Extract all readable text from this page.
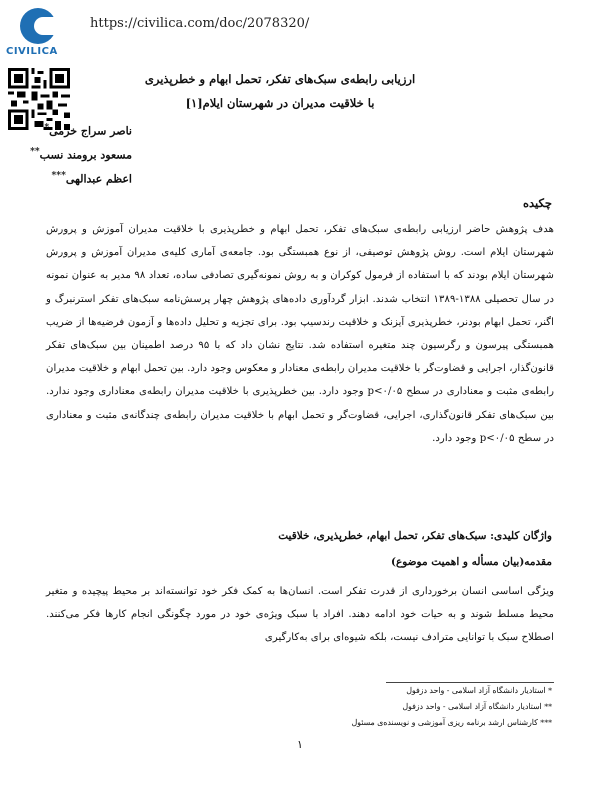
CIVILICA
https://civilica.com/doc/2078320/
ارزیابی رابطه‌ی سبک‌های تفکر، تحمل ابهام و خطرپذیری
با خلاقیت مدیران در شهرستان ایلام[۱]
ناصر سراج خرمی*
مسعود برومند نسب**
اعظم عبدالهی***
چکیده
هدف پژوهش حاضر ارزیابی رابطه‌ی سبک‌های تفکر، تحمل ابهام و خطرپذیری با خلاقیت مدیران آموزش و پرورش شهرستان ایلام است. روش پژوهش توصیفی، از نوع همبستگی بود. جامعه‌ی آماری کلیه‌ی مدیران آموزش و پرورش شهرستان ایلام بودند که با استفاده از فرمول کوکران و به روش نمونه‌گیری تصادفی ساده، تعداد ۹۸ مدیر به عنوان نمونه در سال تحصیلی ۱۳۸۸-۱۳۸۹ انتخاب شدند. ابزار گردآوری داده‌های پژوهش چهار پرسش‌نامه سبک‌های تفکر استرنبرگ و اگنر، تحمل ابهام بودنر، خطرپذیری آیزنک و خلاقیت رندسیپ بود. برای تجزیه و تحلیل داده‌ها و آزمون فرضیه‌ها از ضریب همبستگی پیرسون و رگرسیون چند متغیره استفاده شد. نتایج نشان داد که با ۹۵ درصد اطمینان بین سبک‌های تفکر قانون‌گذار، اجرایی و قضاوت‌گر با خلاقیت مدیران رابطه‌ی معنادار و معکوس وجود دارد. بین تحمل ابهام و خلاقیت مدیران رابطه‌ی مثبت و معناداری در سطح p<۰/۰۵ وجود دارد. بین خطرپذیری با خلاقیت مدیران رابطه‌ی معناداری وجود ندارد. بین سبک‌های تفکر قانون‌گذاری، اجرایی، قضاوت‌گر و تحمل ابهام با خلاقیت مدیران رابطه‌ی چندگانه‌ی مثبت و معناداری در سطح p<۰/۰۵ وجود دارد.
واژگان کلیدی: سبک‌های تفکر، تحمل ابهام، خطرپذیری، خلاقیت
مقدمه(بیان مسأله و اهمیت موضوع)
ویژگی اساسی انسان برخورداری از قدرت تفکر است. انسان‌ها به کمک فکر خود توانسته‌اند بر محیط پیچیده و متغیر محیط مسلط شوند و به حیات خود ادامه دهند. افراد با سبک ویژه‌ی خود در مورد چگونگی انجام کارها فکر می‌کنند. اصطلاح سبک با توانایی مترادف نیست، بلکه شیوه‌ای برای به‌کارگیری
* استادیار دانشگاه آزاد اسلامی - واحد دزفول
** استادیار دانشگاه آزاد اسلامی - واحد دزفول
*** کارشناس ارشد برنامه ریزی آموزشی و نویسنده‌ی مسئول
۱
